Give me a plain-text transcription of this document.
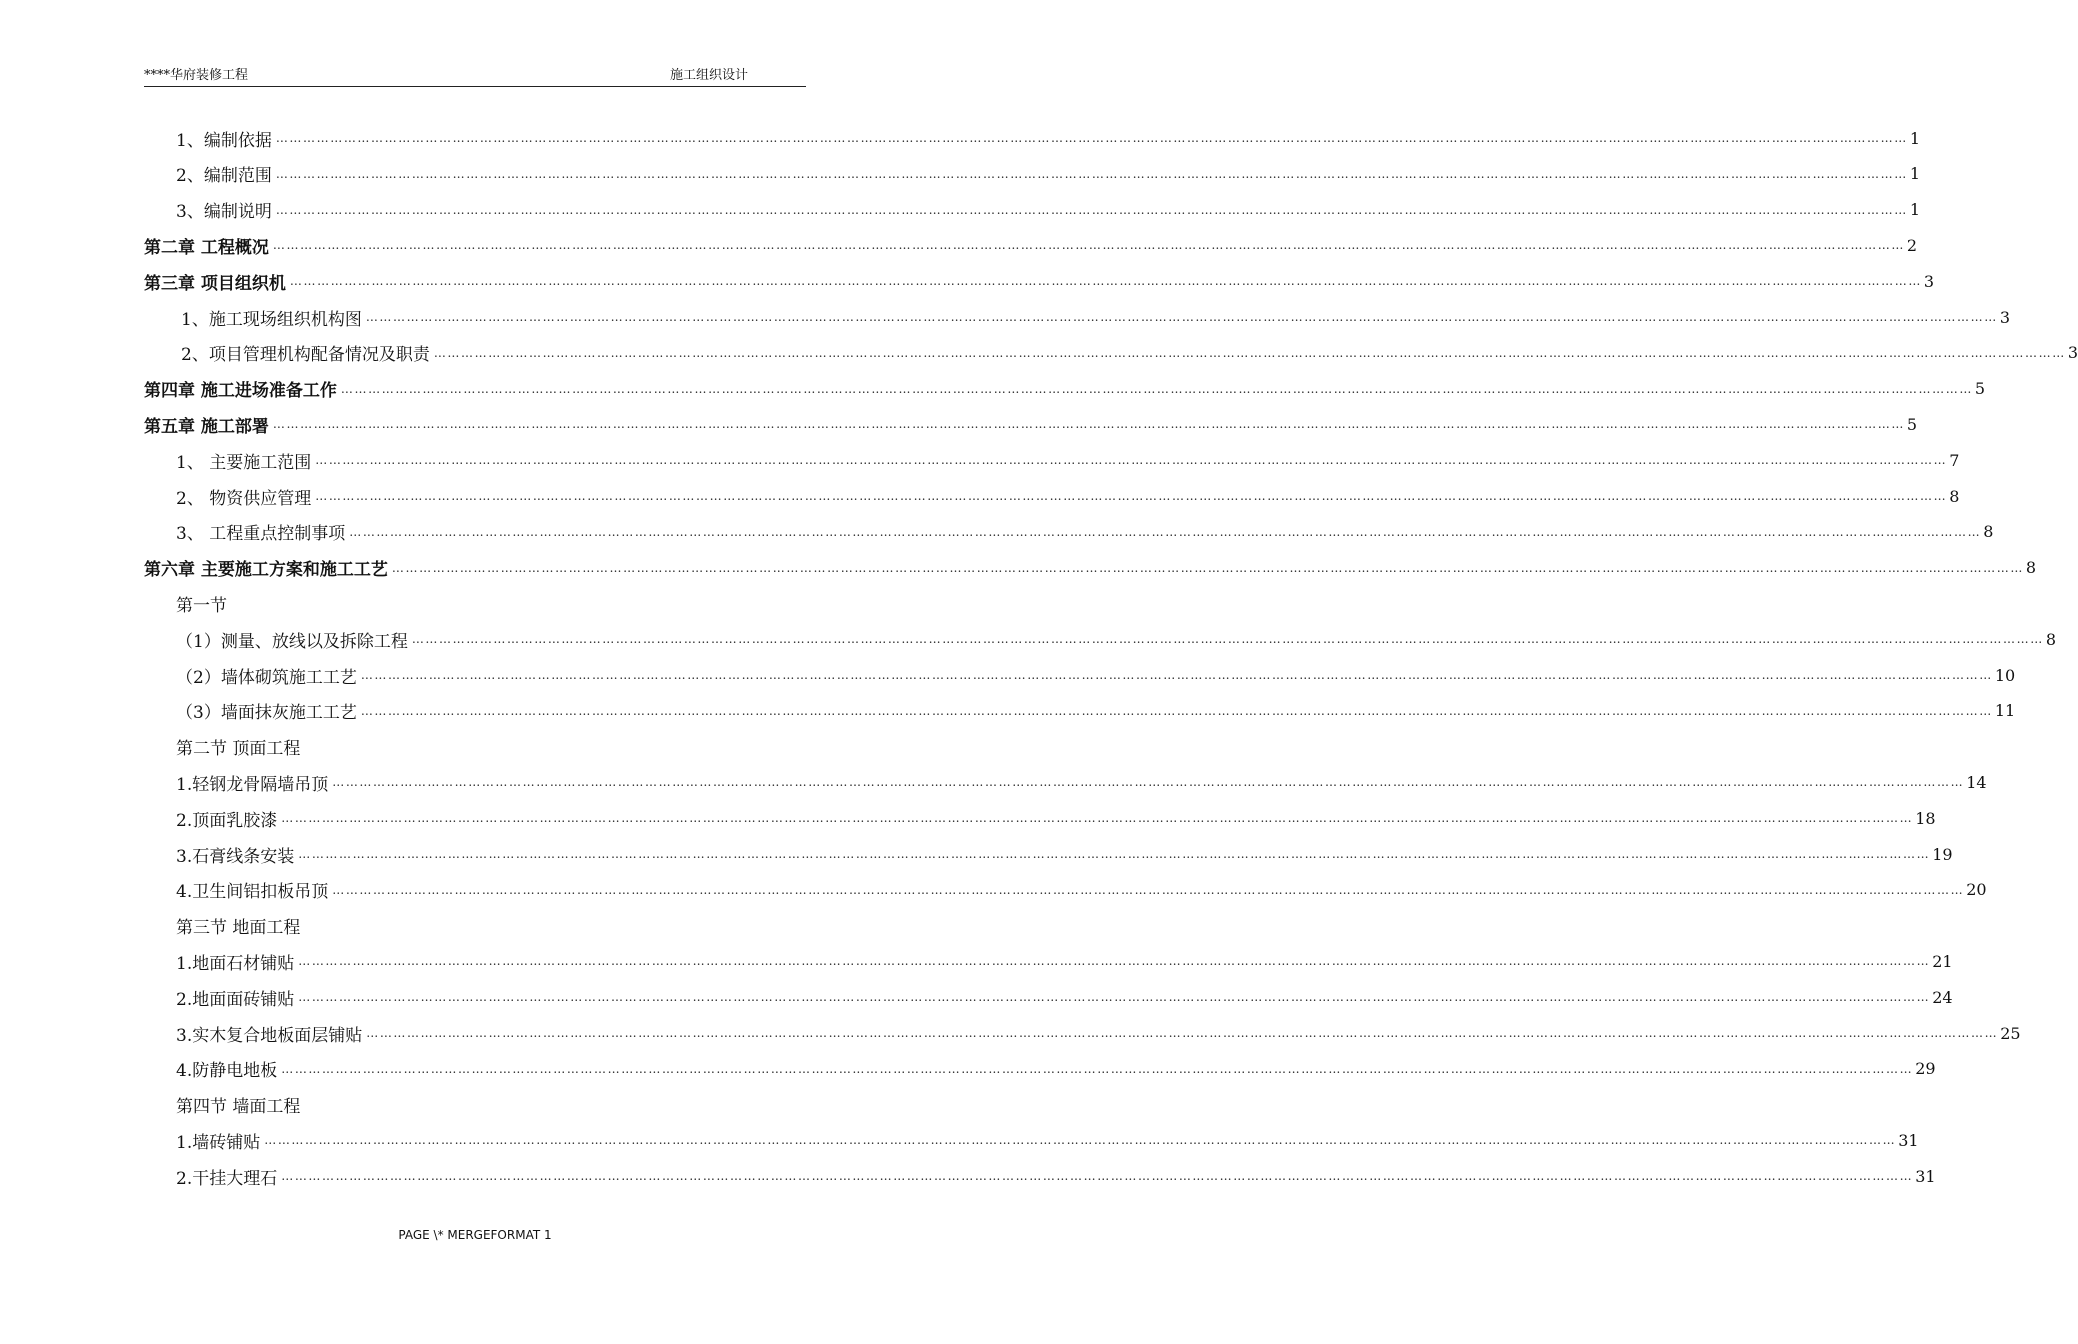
****华府装修工程	施工组织设计
1、编制依据 ……………………………………………………………………………………………………………………………………………………………………………………………………………………………………………………………………………………………………………………………… 1
2、编制范围 ……………………………………………………………………………………………………………………………………………………………………………………………………………………………………………………………………………………………………………………………… 1
3、编制说明 ……………………………………………………………………………………………………………………………………………………………………………………………………………………………………………………………………………………………………………………………… 1
第二章 工程概况 ……………………………………………………………………………………………………………………………………………………………………………………………………………………………………………………………………………………………………………………………… 2
第三章 项目组织机 ……………………………………………………………………………………………………………………………………………………………………………………………………………………………………………………………………………………………………………………………… 3
1、施工现场组织机构图 ……………………………………………………………………………………………………………………………………………………………………………………………………………………………………………………………………………………………………………………………… 3
2、项目管理机构配备情况及职责 ……………………………………………………………………………………………………………………………………………………………………………………………………………………………………………………………………………………………………………………………… 3
第四章 施工进场准备工作 ……………………………………………………………………………………………………………………………………………………………………………………………………………………………………………………………………………………………………………………………… 5
第五章 施工部署 ……………………………………………………………………………………………………………………………………………………………………………………………………………………………………………………………………………………………………………………………… 5
1、 主要施工范围 ……………………………………………………………………………………………………………………………………………………………………………………………………………………………………………………………………………………………………………………………… 7
2、 物资供应管理 ……………………………………………………………………………………………………………………………………………………………………………………………………………………………………………………………………………………………………………………………… 8
3、 工程重点控制事项 ……………………………………………………………………………………………………………………………………………………………………………………………………………………………………………………………………………………………………………………………… 8
第六章 主要施工方案和施工工艺 ……………………………………………………………………………………………………………………………………………………………………………………………………………………………………………………………………………………………………………………………… 8
第一节
（1）测量、放线以及拆除工程 ……………………………………………………………………………………………………………………………………………………………………………………………………………………………………………………………………………………………………………………………… 8
（2）墙体砌筑施工工艺 ……………………………………………………………………………………………………………………………………………………………………………………………………………………………………………………………………………………………………………………………… 10
（3）墙面抹灰施工工艺 ……………………………………………………………………………………………………………………………………………………………………………………………………………………………………………………………………………………………………………………………… 11
第二节 顶面工程
1.轻钢龙骨隔墙吊顶 ……………………………………………………………………………………………………………………………………………………………………………………………………………………………………………………………………………………………………………………………… 14
2.顶面乳胶漆 ……………………………………………………………………………………………………………………………………………………………………………………………………………………………………………………………………………………………………………………………… 18
3.石膏线条安装 ……………………………………………………………………………………………………………………………………………………………………………………………………………………………………………………………………………………………………………………………… 19
4.卫生间铝扣板吊顶 ……………………………………………………………………………………………………………………………………………………………………………………………………………………………………………………………………………………………………………………………… 20
第三节 地面工程
1.地面石材铺贴 ……………………………………………………………………………………………………………………………………………………………………………………………………………………………………………………………………………………………………………………………… 21
2.地面面砖铺贴 ……………………………………………………………………………………………………………………………………………………………………………………………………………………………………………………………………………………………………………………………… 24
3.实木复合地板面层铺贴 ……………………………………………………………………………………………………………………………………………………………………………………………………………………………………………………………………………………………………………………………… 25
4.防静电地板 ……………………………………………………………………………………………………………………………………………………………………………………………………………………………………………………………………………………………………………………………… 29
第四节 墙面工程
1.墙砖铺贴 ……………………………………………………………………………………………………………………………………………………………………………………………………………………………………………………………………………………………………………………………… 31
2.干挂大理石 ……………………………………………………………………………………………………………………………………………………………………………………………………………………………………………………………………………………………………………………………… 31
PAGE \* MERGEFORMAT 1
